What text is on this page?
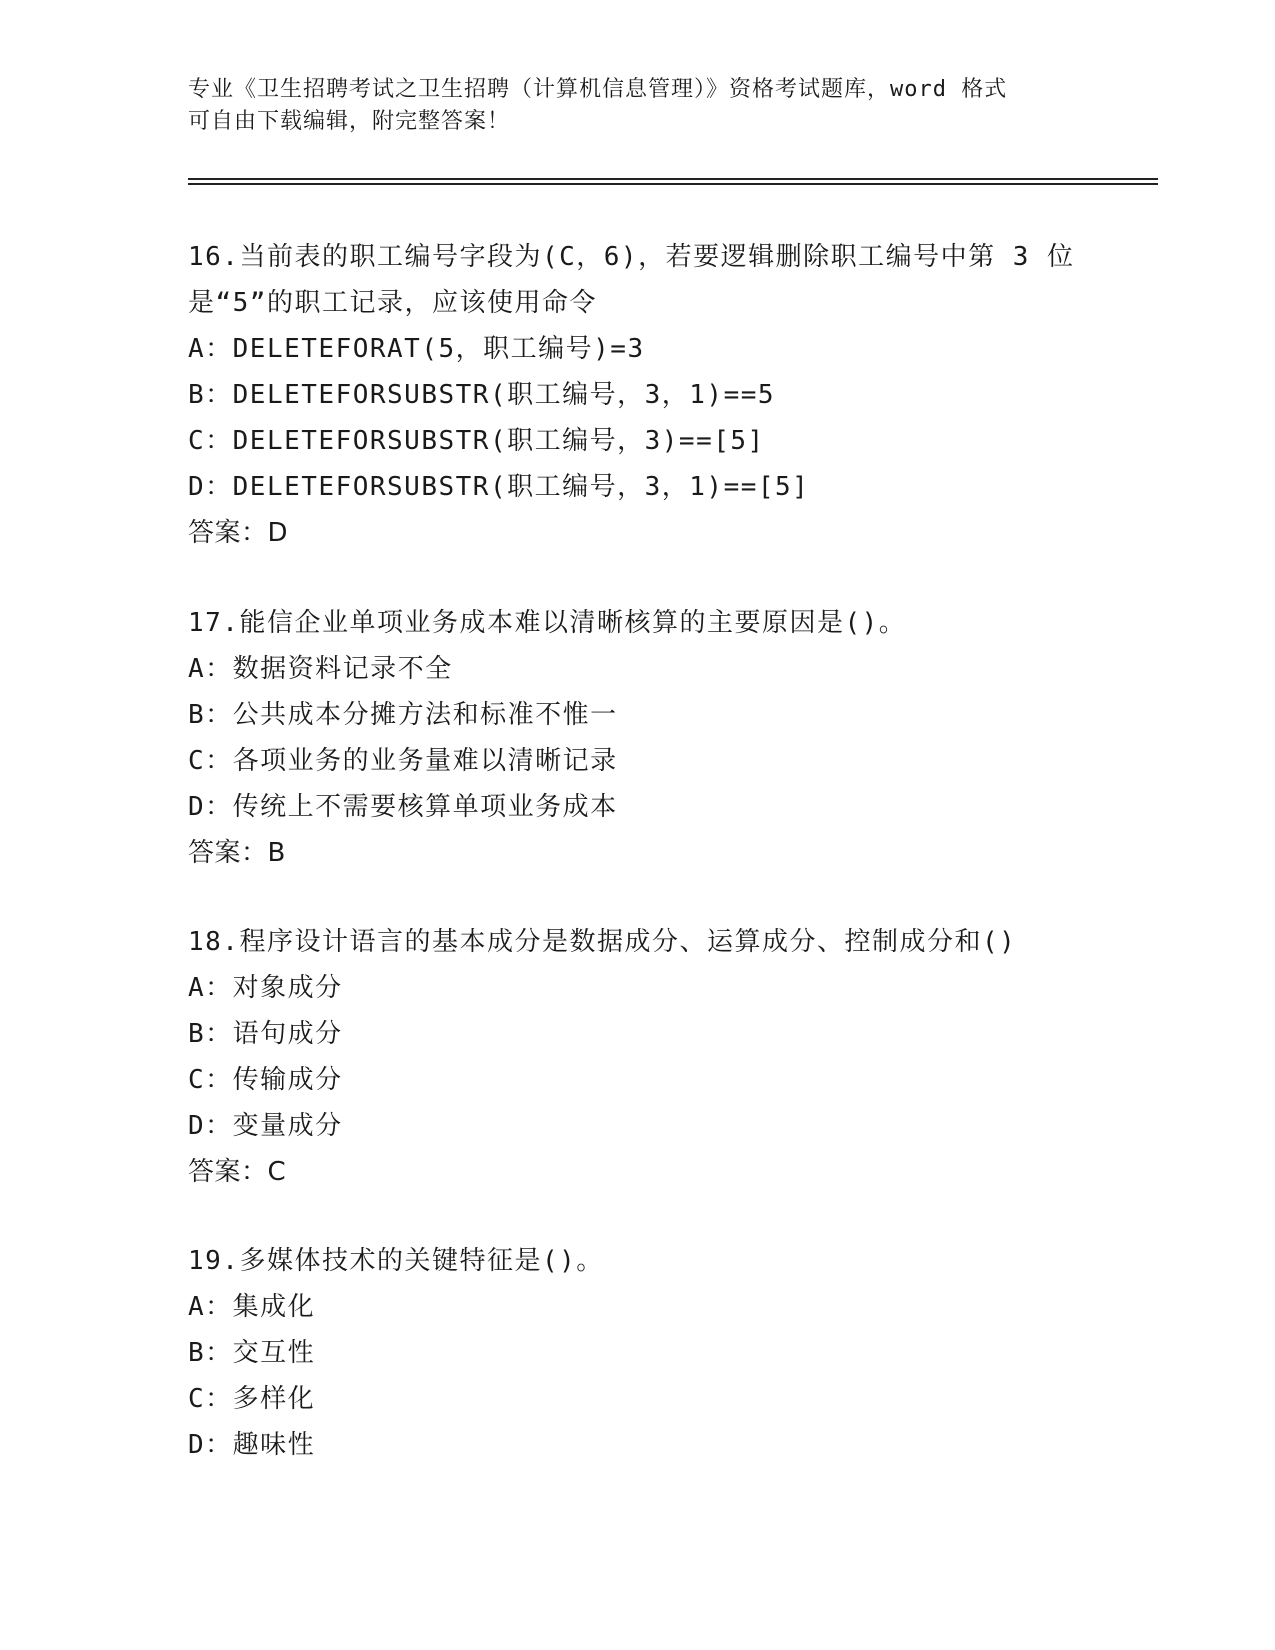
专业《卫生招聘考试之卫生招聘（计算机信息管理）》资格考试题库，word 格式
可自由下载编辑，附完整答案！
16.当前表的职工编号字段为(C，6)，若要逻辑删除职工编号中第 3 位
是“5”的职工记录，应该使用命令
A：DELETEFORAT(5，职工编号)=3
B：DELETEFORSUBSTR(职工编号，3，1)==5
C：DELETEFORSUBSTR(职工编号，3)==[5]
D：DELETEFORSUBSTR(职工编号，3，1)==[5]
答案：D
17.能信企业单项业务成本难以清晰核算的主要原因是()。
A：数据资料记录不全
B：公共成本分摊方法和标准不惟一
C：各项业务的业务量难以清晰记录
D：传统上不需要核算单项业务成本
答案：B
18.程序设计语言的基本成分是数据成分、运算成分、控制成分和()
A：对象成分
B：语句成分
C：传输成分
D：变量成分
答案：C
19.多媒体技术的关键特征是()。
A：集成化
B：交互性
C：多样化
D：趣味性
